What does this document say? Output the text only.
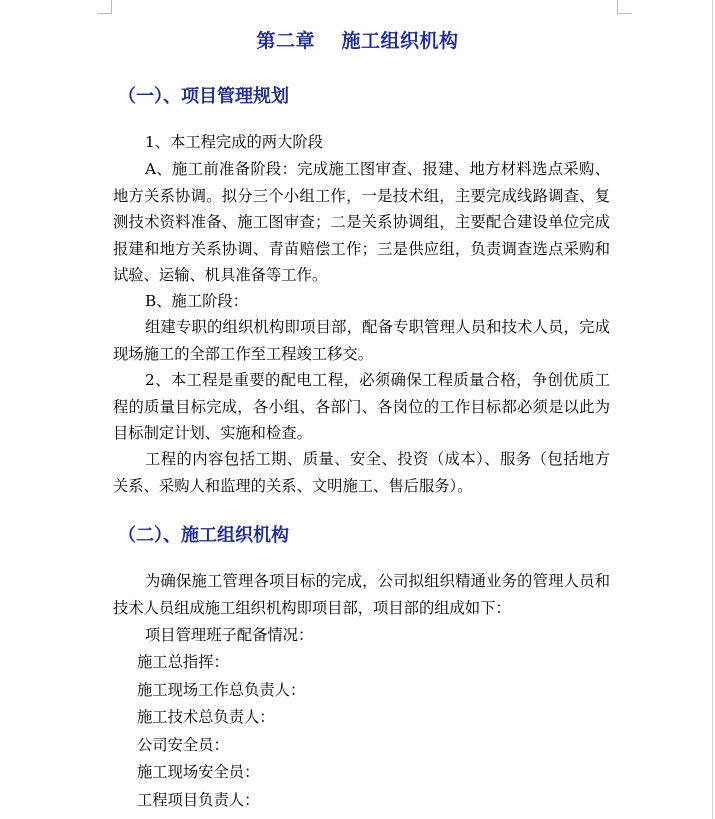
第二章　 施工组织机构
（一）、项目管理规划

1、本工程完成的两大阶段

A、施工前准备阶段：完成施工图审查、报建、地方材料选点采购、地方关系协调。拟分三个小组工作，一是技术组，主要完成线路调查、复测技术资料准备、施工图审查；二是关系协调组，主要配合建设单位完成报建和地方关系协调、青苗赔偿工作；三是供应组，负责调查选点采购和试验、运输、机具准备等工作。

B、施工阶段：

组建专职的组织机构即项目部，配备专职管理人员和技术人员，完成现场施工的全部工作至工程竣工移交。

2、本工程是重要的配电工程，必须确保工程质量合格，争创优质工程的质量目标完成，各小组、各部门、各岗位的工作目标都必须是以此为目标制定计划、实施和检查。

工程的内容包括工期、质量、安全、投资（成本）、服务（包括地方关系、采购人和监理的关系、文明施工、售后服务）。

（二）、施工组织机构

为确保施工管理各项目标的完成，公司拟组织精通业务的管理人员和技术人员组成施工组织机构即项目部，项目部的组成如下：

项目管理班子配备情况：

施工总指挥：

施工现场工作总负责人：

施工技术总负责人：

公司安全员：

施工现场安全员：

工程项目负责人：
